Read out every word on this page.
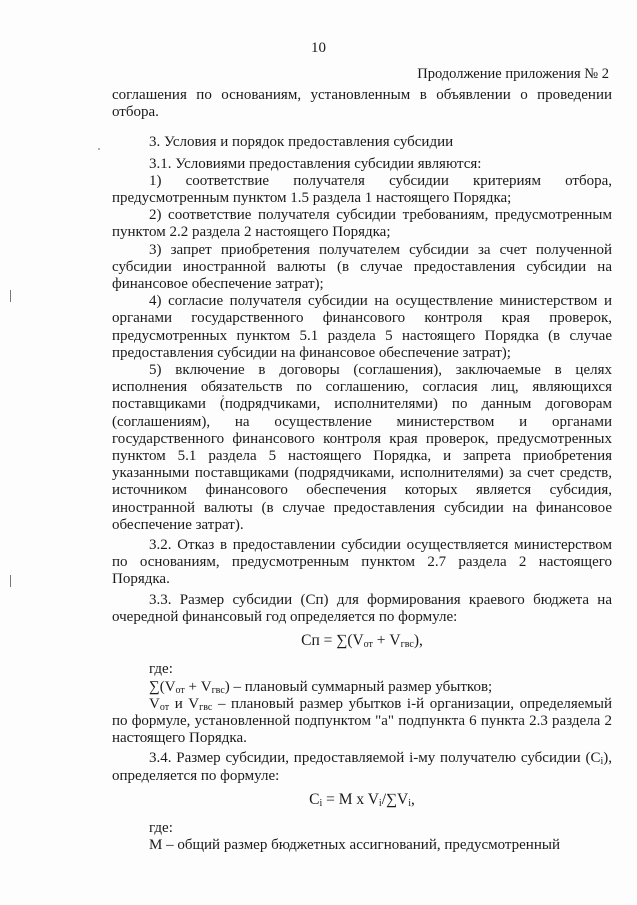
10
Продолжение приложения № 2

соглашения по основаниям, установленным в объявлении о проведении отбора.

3. Условия и порядок предоставления субсидии

3.1. Условиями предоставления субсидии являются:

1) соответствие получателя субсидии критериям отбора, предусмотренным пунктом 1.5 раздела 1 настоящего Порядка;

2) соответствие получателя субсидии требованиям, предусмотренным пунктом 2.2 раздела 2 настоящего Порядка;

3) запрет приобретения получателем субсидии за счет полученной субсидии иностранной валюты (в случае предоставления субсидии на финансовое обеспечение затрат);

4) согласие получателя субсидии на осуществление министерством и органами государственного финансового контроля края проверок, предусмотренных пунктом 5.1 раздела 5 настоящего Порядка (в случае предоставления субсидии на финансовое обеспечение затрат);

5) включение в договоры (соглашения), заключаемые в целях исполнения обязательств по соглашению, согласия лиц, являющихся поставщиками (подрядчиками, исполнителями) по данным договорам (соглашениям), на осуществление министерством и органами государственного финансового контроля края проверок, предусмотренных пунктом 5.1 раздела 5 настоящего Порядка, и запрета приобретения указанными поставщиками (подрядчиками, исполнителями) за счет средств, источником финансового обеспечения которых является субсидия, иностранной валюты (в случае предоставления субсидии на финансовое обеспечение затрат).

3.2. Отказ в предоставлении субсидии осуществляется министерством по основаниям, предусмотренным пунктом 2.7 раздела 2 настоящего Порядка.

3.3. Размер субсидии (Сп) для формирования краевого бюджета на очередной финансовый год определяется по формуле:

Сп = $\sum(V_{от} + V_{гвс})$,

где:

$\sum(V_{от} + V_{гвс})$ – плановый суммарный размер убытков;

$V_{от}$ и $V_{гвс}$ – плановый размер убытков i-й организации, определяемый по формуле, установленной подпунктом "а" подпункта 6 пункта 2.3 раздела 2 настоящего Порядка.

3.4. Размер субсидии, предоставляемой i-му получателю субсидии $(C_i)$, определяется по формуле:

$C_i = M$ x $V_i/\sum V_i$,

где:

M – общий размер бюджетных ассигнований, предусмотренный
